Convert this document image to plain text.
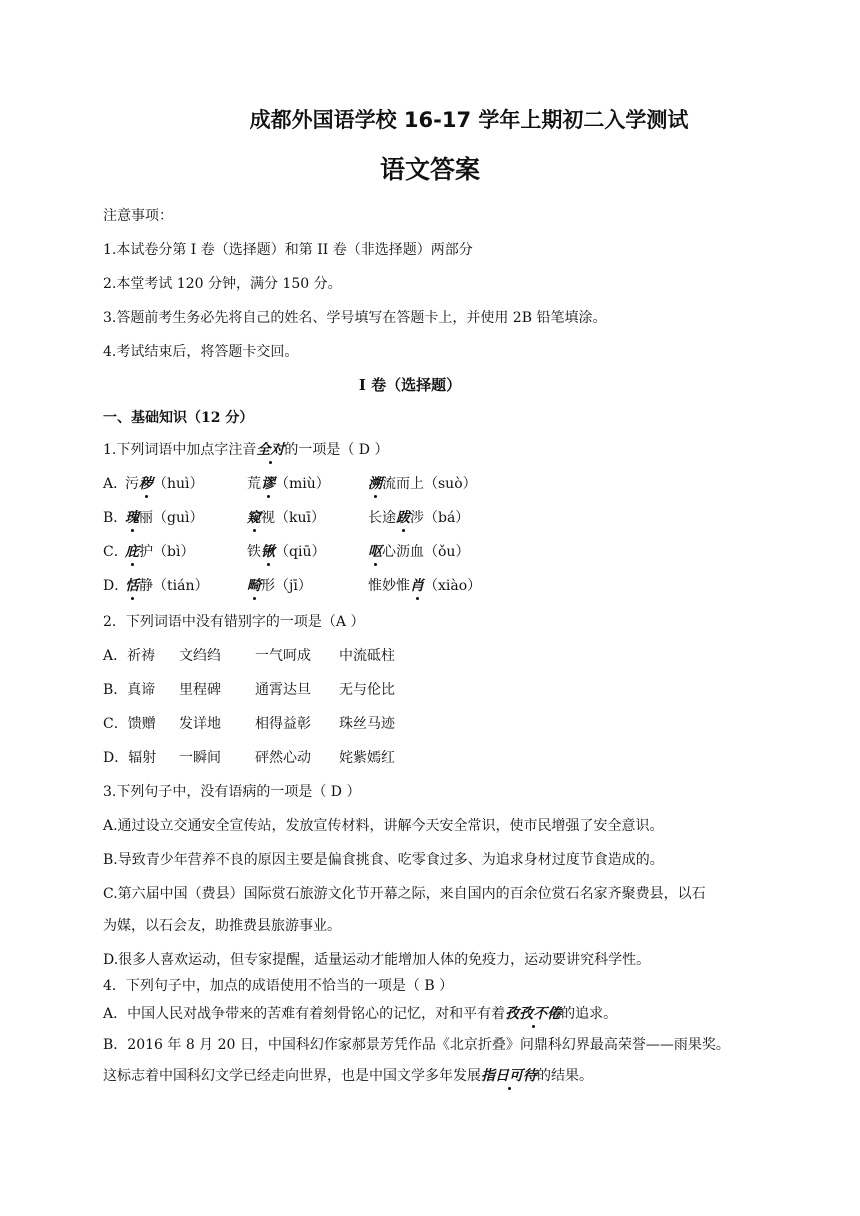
成都外国语学校 16-17 学年上期初二入学测试
语文答案
注意事项：
1.本试卷分第 I 卷（选择题）和第 II 卷（非选择题）两部分
2.本堂考试 120 分钟，满分 150 分。
3.答题前考生务必先将自己的姓名、学号填写在答题卡上，并使用 2B 铅笔填涂。
4.考试结束后，将答题卡交回。
I 卷（选择题）
一、基础知识（12 分）
1.下列词语中加点字注音全对的一项是（ D ）
A．
污秽（huì）	荒谬（miù）	溯流而上（suò）
B．
瑰丽（guì）	窥视（kuī）	长途跋涉（bá）
C．
庇护（bì）	铁锹（qiū）	呕心沥血（ǒu）
D．
恬静（tián）	畸形（jī）	惟妙惟肖（xiào）
2．下列词语中没有错别字的一项是（A ）
A．祈祷 文绉绉 一气呵成 中流砥柱
B．真谛 里程碑 通霄达旦 无与伦比
C．馈赠 发详地 相得益彰 珠丝马迹
D．辐射 一瞬间 砰然心动 姹紫嫣红
3.下列句子中，没有语病的一项是（ D ）
A.通过设立交通安全宣传站，发放宣传材料，讲解今天安全常识，使市民增强了安全意识。
B.导致青少年营养不良的原因主要是偏食挑食、吃零食过多、为追求身材过度节食造成的。
C.第六届中国（费县）国际赏石旅游文化节开幕之际，来自国内的百余位赏石名家齐聚费县，以石
为媒，以石会友，助推费县旅游事业。
D.很多人喜欢运动，但专家提醒，适量运动才能增加人体的免疫力，运动要讲究科学性。
4．下列句子中，加点的成语使用不恰当的一项是（ B ）
A．中国人民对战争带来的苦难有着刻骨铭心的记忆，对和平有着孜孜不倦的追求。
B．2016 年 8 月 20 日，中国科幻作家郝景芳凭作品《北京折叠》问鼎科幻界最高荣誉——雨果奖。
这标志着中国科幻文学已经走向世界，也是中国文学多年发展指日可待的结果。
